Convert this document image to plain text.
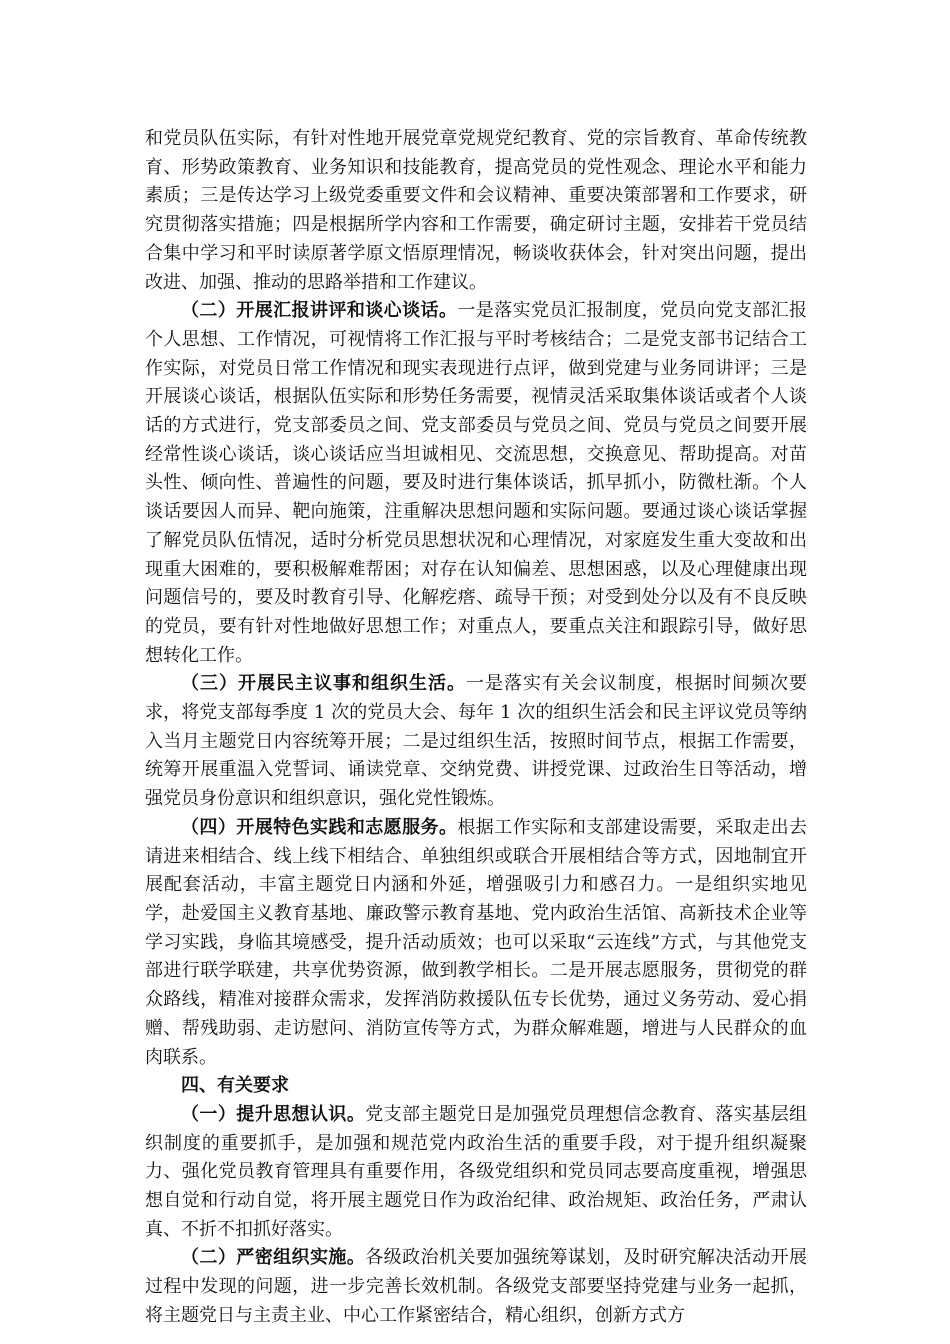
和党员队伍实际，有针对性地开展党章党规党纪教育、党的宗旨教育、革命传统教育、形势政策教育、业务知识和技能教育，提高党员的党性观念、理论水平和能力素质；三是传达学习上级党委重要文件和会议精神、重要决策部署和工作要求，研究贯彻落实措施；四是根据所学内容和工作需要，确定研讨主题，安排若干党员结合集中学习和平时读原著学原文悟原理情况，畅谈收获体会，针对突出问题，提出改进、加强、推动的思路举措和工作建议。

（二）开展汇报讲评和谈心谈话。一是落实党员汇报制度，党员向党支部汇报个人思想、工作情况，可视情将工作汇报与平时考核结合；二是党支部书记结合工作实际，对党员日常工作情况和现实表现进行点评，做到党建与业务同讲评；三是开展谈心谈话，根据队伍实际和形势任务需要，视情灵活采取集体谈话或者个人谈话的方式进行，党支部委员之间、党支部委员与党员之间、党员与党员之间要开展经常性谈心谈话，谈心谈话应当坦诚相见、交流思想，交换意见、帮助提高。对苗头性、倾向性、普遍性的问题，要及时进行集体谈话，抓早抓小，防微杜渐。个人谈话要因人而异、靶向施策，注重解决思想问题和实际问题。要通过谈心谈话掌握了解党员队伍情况，适时分析党员思想状况和心理情况，对家庭发生重大变故和出现重大困难的，要积极解难帮困；对存在认知偏差、思想困惑，以及心理健康出现问题信号的，要及时教育引导、化解疙瘩、疏导干预；对受到处分以及有不良反映的党员，要有针对性地做好思想工作；对重点人，要重点关注和跟踪引导，做好思想转化工作。

（三）开展民主议事和组织生活。一是落实有关会议制度，根据时间频次要求，将党支部每季度 1 次的党员大会、每年 1 次的组织生活会和民主评议党员等纳入当月主题党日内容统筹开展；二是过组织生活，按照时间节点，根据工作需要，统筹开展重温入党誓词、诵读党章、交纳党费、讲授党课、过政治生日等活动，增强党员身份意识和组织意识，强化党性锻炼。

（四）开展特色实践和志愿服务。根据工作实际和支部建设需要，采取走出去请进来相结合、线上线下相结合、单独组织或联合开展相结合等方式，因地制宜开展配套活动，丰富主题党日内涵和外延，增强吸引力和感召力。一是组织实地见学，赴爱国主义教育基地、廉政警示教育基地、党内政治生活馆、高新技术企业等学习实践，身临其境感受，提升活动质效；也可以采取“云连线”方式，与其他党支部进行联学联建，共享优势资源，做到教学相长。二是开展志愿服务，贯彻党的群众路线，精准对接群众需求，发挥消防救援队伍专长优势，通过义务劳动、爱心捐赠、帮残助弱、走访慰问、消防宣传等方式，为群众解难题，增进与人民群众的血肉联系。

四、有关要求

（一）提升思想认识。党支部主题党日是加强党员理想信念教育、落实基层组织制度的重要抓手，是加强和规范党内政治生活的重要手段，对于提升组织凝聚力、强化党员教育管理具有重要作用，各级党组织和党员同志要高度重视，增强思想自觉和行动自觉，将开展主题党日作为政治纪律、政治规矩、政治任务，严肃认真、不折不扣抓好落实。

（二）严密组织实施。各级政治机关要加强统筹谋划，及时研究解决活动开展过程中发现的问题，进一步完善长效机制。各级党支部要坚持党建与业务一起抓，将主题党日与主责主业、中心工作紧密结合，精心组织，创新方式方
